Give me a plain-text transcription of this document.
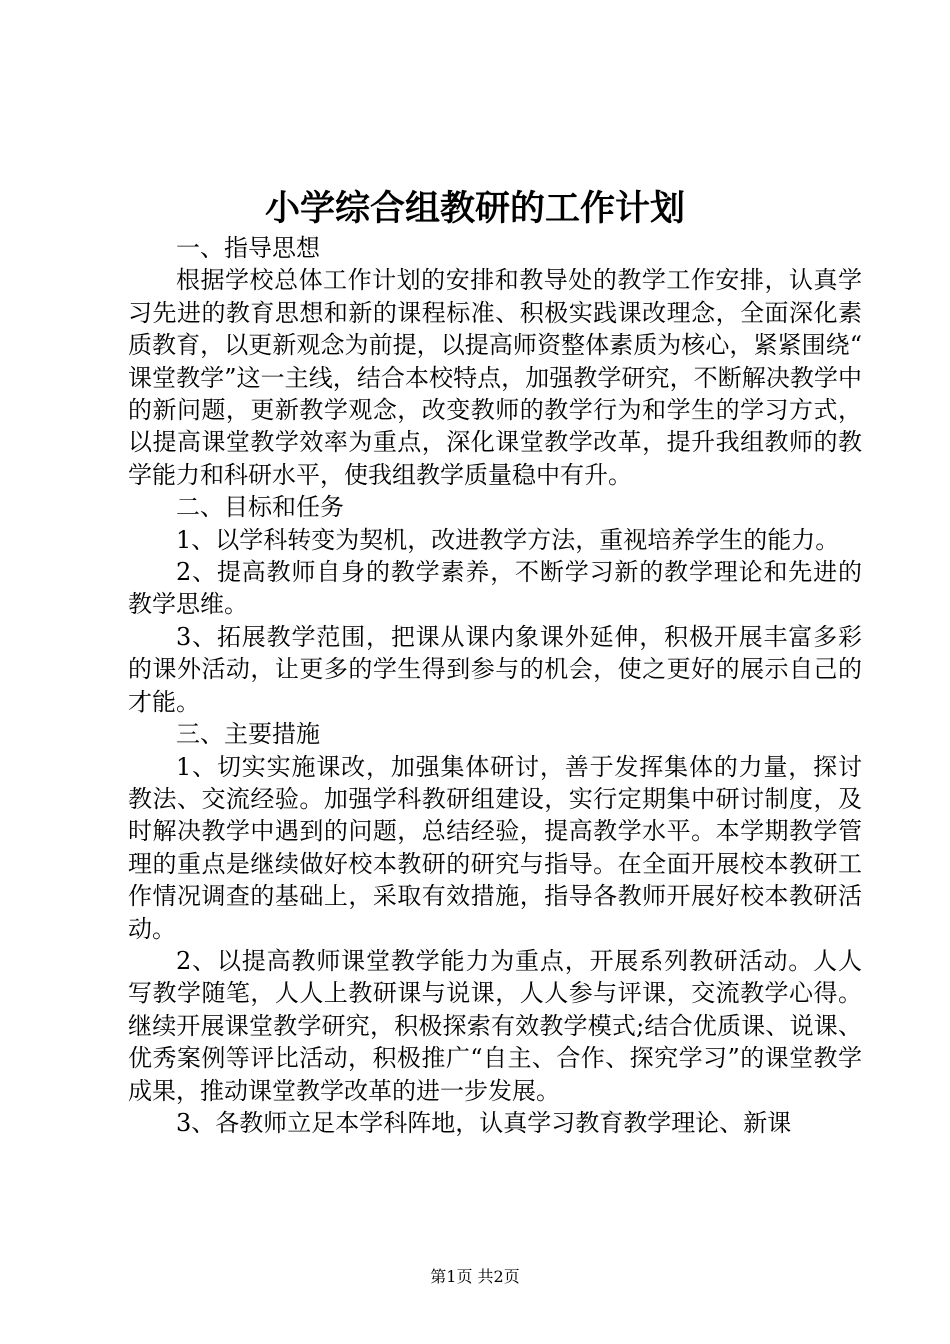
小学综合组教研的工作计划

一、指导思想

根据学校总体工作计划的安排和教导处的教学工作安排，认真学习先进的教育思想和新的课程标准、积极实践课改理念，全面深化素质教育，以更新观念为前提，以提高师资整体素质为核心，紧紧围绕“课堂教学”这一主线，结合本校特点，加强教学研究，不断解决教学中的新问题，更新教学观念，改变教师的教学行为和学生的学习方式，以提高课堂教学效率为重点，深化课堂教学改革，提升我组教师的教学能力和科研水平，使我组教学质量稳中有升。

二、目标和任务

1、以学科转变为契机，改进教学方法，重视培养学生的能力。

2、提高教师自身的教学素养，不断学习新的教学理论和先进的教学思维。

3、拓展教学范围，把课从课内象课外延伸，积极开展丰富多彩的课外活动，让更多的学生得到参与的机会，使之更好的展示自己的才能。

三、主要措施

1、切实实施课改，加强集体研讨，善于发挥集体的力量，探讨教法、交流经验。加强学科教研组建设，实行定期集中研讨制度，及时解决教学中遇到的问题，总结经验，提高教学水平。本学期教学管理的重点是继续做好校本教研的研究与指导。在全面开展校本教研工作情况调查的基础上，采取有效措施，指导各教师开展好校本教研活动。

2、以提高教师课堂教学能力为重点，开展系列教研活动。人人写教学随笔，人人上教研课与说课，人人参与评课，交流教学心得。继续开展课堂教学研究，积极探索有效教学模式;结合优质课、说课、优秀案例等评比活动，积极推广“自主、合作、探究学习”的课堂教学成果，推动课堂教学改革的进一步发展。

3、各教师立足本学科阵地，认真学习教育教学理论、新课

第1页 共2页
